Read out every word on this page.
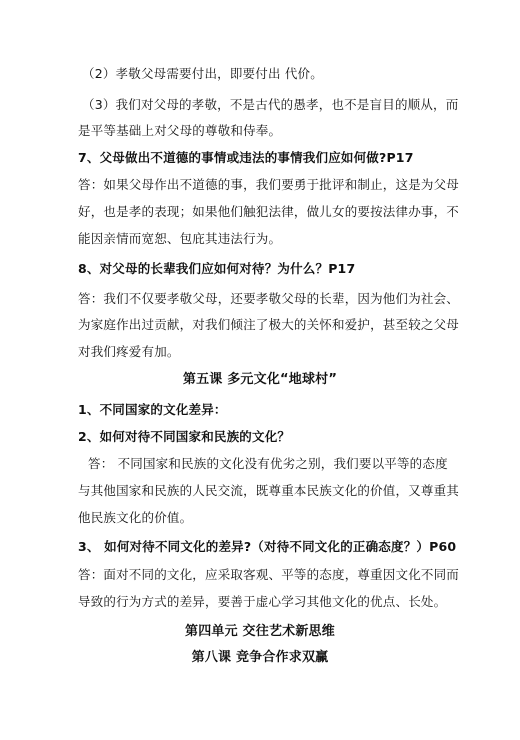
（2）孝敬父母需要付出，即要付出 代价。
（3）我们对父母的孝敬，不是古代的愚孝，也不是盲目的顺从，而
是平等基础上对父母的尊敬和侍奉。
7、父母做出不道德的事情或违法的事情我们应如何做?P17
答：如果父母作出不道德的事，我们要勇于批评和制止，这是为父母
好，也是孝的表现；如果他们触犯法律，做儿女的要按法律办事，不
能因亲情而宽恕、包庇其违法行为。
8、对父母的长辈我们应如何对待？为什么？P17
答：我们不仅要孝敬父母，还要孝敬父母的长辈，因为他们为社会、
为家庭作出过贡献，对我们倾注了极大的关怀和爱护，甚至较之父母
对我们疼爱有加。
第五课 多元文化“地球村”
1、不同国家的文化差异：
2、如何对待不同国家和民族的文化？
答： 不同国家和民族的文化没有优劣之别，我们要以平等的态度
与其他国家和民族的人民交流，既尊重本民族文化的价值，又尊重其
他民族文化的价值。
3、 如何对待不同文化的差异?（对待不同文化的正确态度？）P60
答：面对不同的文化，应采取客观、平等的态度，尊重因文化不同而
导致的行为方式的差异，要善于虚心学习其他文化的优点、长处。
第四单元 交往艺术新思维
第八课 竞争合作求双赢
